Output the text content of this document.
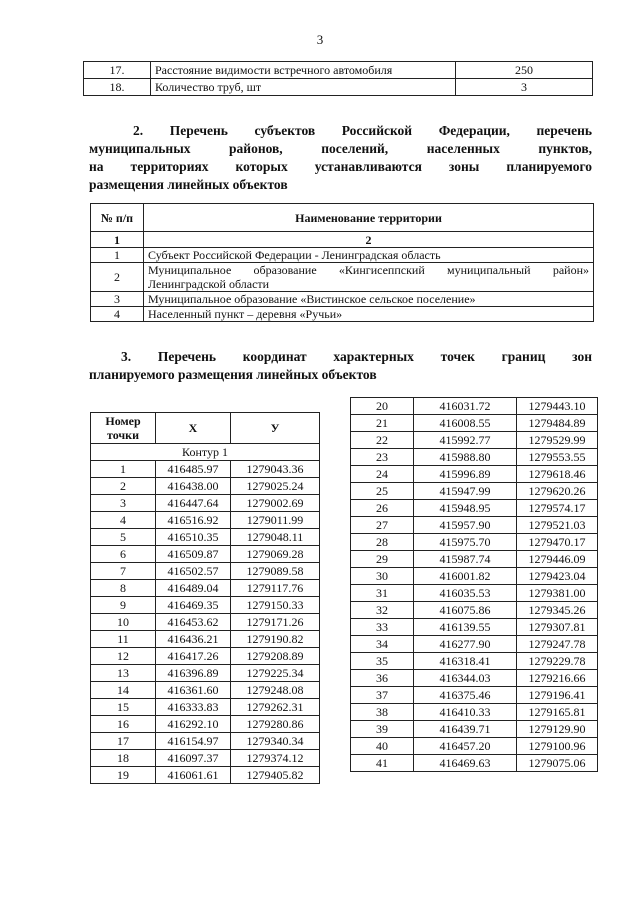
3
17.	Расстояние видимости встречного автомобиля	250
18.	Количество труб, шт	3
2. Перечень субъектов Российской Федерации, перечень
муниципальных районов, поселений, населенных пунктов,
на территориях которых устанавливаются зоны планируемого
размещения линейных объектов
№ п/п	Наименование территории
1	2
1	Субъект Российской Федерации - Ленинградская область
2	Муниципальное образование «Кингисеппский муниципальный район»
Ленинградской области

3	Муниципальное образование «Вистинское сельское поселение»
4	Населенный пункт – деревня «Ручьи»
3. Перечень координат характерных точек границ зон
планируемого размещения линейных объектов
Номер точки	X	У
Контур 1		
1	416485.97	1279043.36
2	416438.00	1279025.24
3	416447.64	1279002.69
4	416516.92	1279011.99
5	416510.35	1279048.11
6	416509.87	1279069.28
7	416502.57	1279089.58
8	416489.04	1279117.76
9	416469.35	1279150.33
10	416453.62	1279171.26
11	416436.21	1279190.82
12	416417.26	1279208.89
13	416396.89	1279225.34
14	416361.60	1279248.08
15	416333.83	1279262.31
16	416292.10	1279280.86
17	416154.97	1279340.34
18	416097.37	1279374.12
19	416061.61	1279405.82
20	416031.72	1279443.10
21	416008.55	1279484.89
22	415992.77	1279529.99
23	415988.80	1279553.55
24	415996.89	1279618.46
25	415947.99	1279620.26
26	415948.95	1279574.17
27	415957.90	1279521.03
28	415975.70	1279470.17
29	415987.74	1279446.09
30	416001.82	1279423.04
31	416035.53	1279381.00
32	416075.86	1279345.26
33	416139.55	1279307.81
34	416277.90	1279247.78
35	416318.41	1279229.78
36	416344.03	1279216.66
37	416375.46	1279196.41
38	416410.33	1279165.81
39	416439.71	1279129.90
40	416457.20	1279100.96
41	416469.63	1279075.06
